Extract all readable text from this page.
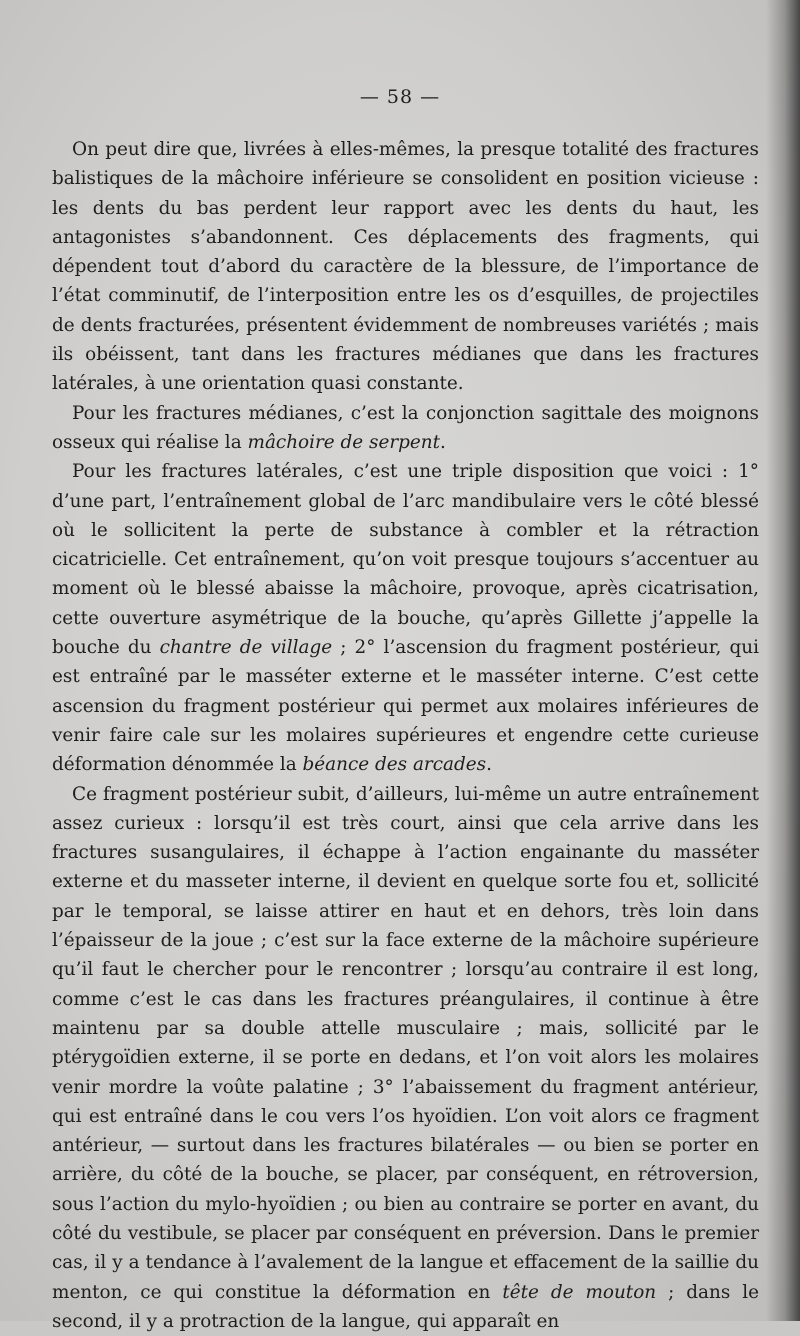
— 58 —

On peut dire que, livrées à elles-mêmes, la presque totalité des fractures balistiques de la mâchoire inférieure se consolident en position vicieuse : les dents du bas perdent leur rapport avec les dents du haut, les antagonistes s’abandonnent. Ces déplacements des fragments, qui dépendent tout d’abord du caractère de la blessure, de l’importance de l’état comminutif, de l’interposition entre les os d’esquilles, de projectiles de dents fracturées, présentent évidemment de nombreuses variétés ; mais ils obéissent, tant dans les fractures médianes que dans les fractures latérales, à une orientation quasi constante.

Pour les fractures médianes, c’est la conjonction sagittale des moignons osseux qui réalise la mâchoire de serpent.

Pour les fractures latérales, c’est une triple disposition que voici : 1° d’une part, l’entraînement global de l’arc mandibulaire vers le côté blessé où le sollicitent la perte de substance à combler et la rétraction cicatricielle. Cet entraînement, qu’on voit presque toujours s’accentuer au moment où le blessé abaisse la mâchoire, provoque, après cicatrisation, cette ouverture asymétrique de la bouche, qu’après Gillette j’appelle la bouche du chantre de village ; 2° l’ascension du fragment postérieur, qui est entraîné par le masséter externe et le masséter interne. C’est cette ascension du fragment postérieur qui permet aux molaires inférieures de venir faire cale sur les molaires supérieures et engendre cette curieuse déformation dénommée la béance des arcades.

Ce fragment postérieur subit, d’ailleurs, lui-même un autre entraînement assez curieux : lorsqu’il est très court, ainsi que cela arrive dans les fractures susangulaires, il échappe à l’action engainante du masséter externe et du masseter interne, il devient en quelque sorte fou et, sollicité par le temporal, se laisse attirer en haut et en dehors, très loin dans l’épaisseur de la joue ; c’est sur la face externe de la mâchoire supérieure qu’il faut le chercher pour le rencontrer ; lorsqu’au contraire il est long, comme c’est le cas dans les fractures préangulaires, il continue à être maintenu par sa double attelle musculaire ; mais, sollicité par le ptérygoïdien externe, il se porte en dedans, et l’on voit alors les molaires venir mordre la voûte palatine ; 3° l’abaissement du fragment antérieur, qui est entraîné dans le cou vers l’os hyoïdien. L’on voit alors ce fragment antérieur, — surtout dans les fractures bilatérales — ou bien se porter en arrière, du côté de la bouche, se placer, par conséquent, en rétroversion, sous l’action du mylo-hyoïdien ; ou bien au contraire se porter en avant, du côté du vestibule, se placer par conséquent en préversion. Dans le premier cas, il y a tendance à l’avalement de la langue et effacement de la saillie du menton, ce qui constitue la déformation en tête de mouton ; dans le second, il y a protraction de la langue, qui apparaît en
